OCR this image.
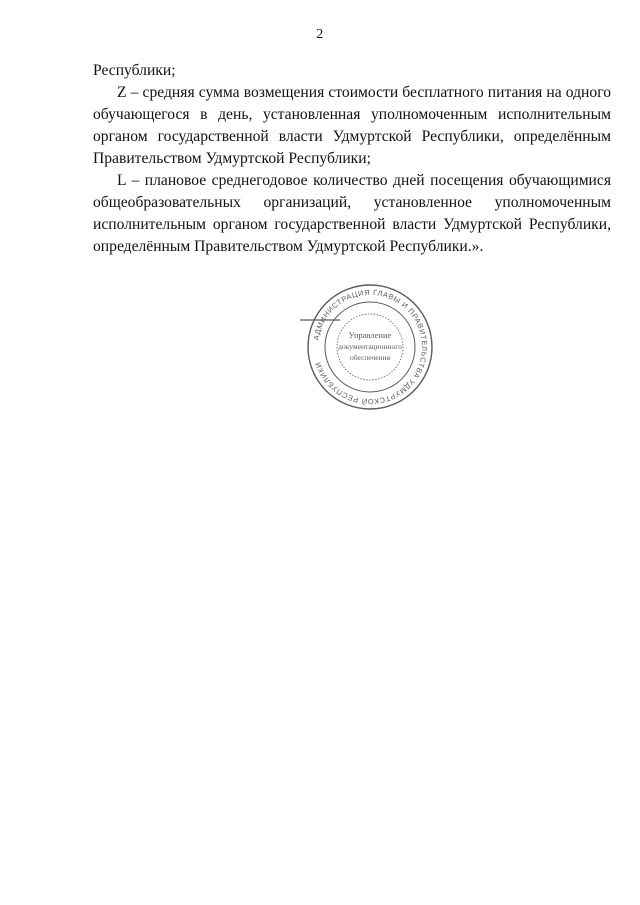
2

Республики;

Z – средняя сумма возмещения стоимости бесплатного питания на одного обучающегося в день, установленная уполномоченным исполнительным органом государственной власти Удмуртской Республики, определённым Правительством Удмуртской Республики;

L – плановое среднегодовое количество дней посещения обучающимися общеобразовательных организаций, установленное уполномоченным исполнительным органом государственной власти Удмуртской Республики, определённым Правительством Удмуртской Республики.».

АДМИНИСТРАЦИЯ ГЛАВЫ И ПРАВИТЕЛЬСТВА УДМУРТСКОЙ РЕСПУБЛИКИ
Управление
документационного
обеспечения
